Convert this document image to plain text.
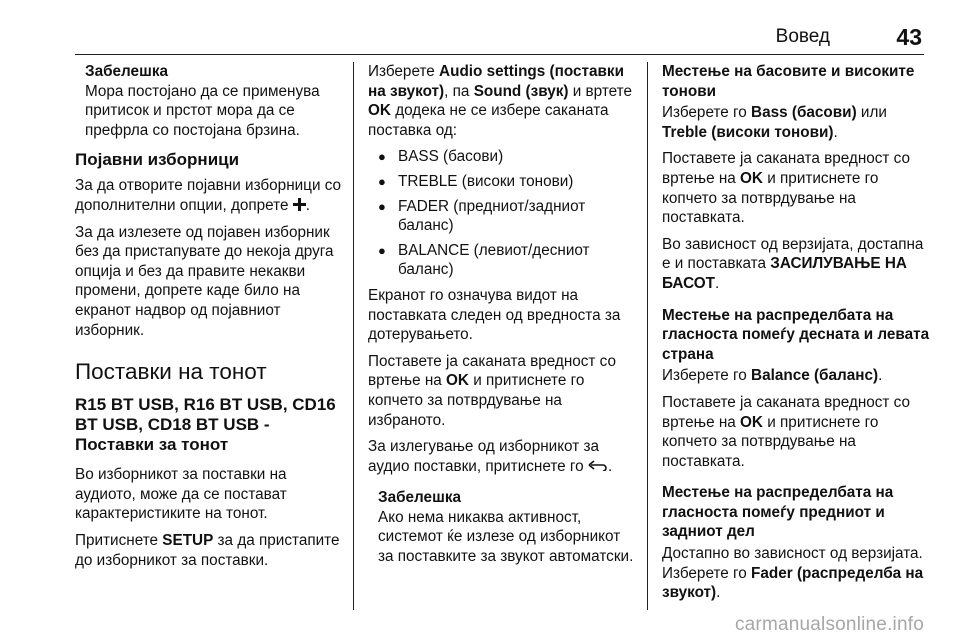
Вовед	43
Забелешка
Мора постојано да се применува притисок и прстот мора да се префрла со постојана брзина.
Појавни изборници

За да отворите појавни изборници со дополнителни опции, допрете .

За да излезете од појавен изборник без да пристапувате до некоја друга опција и без да правите некакви промени, допрете каде било на екранот надвор од појавниот изборник.

Поставки на тонот
R15 BT USB, R16 BT USB, CD16 BT USB, CD18 BT USB - Поставки за тонот

Во изборникот за поставки на аудиото, може да се постават карактеристиките на тонот.

Притиснете SETUP за да пристапите до изборникот за поставки.

Изберете Audio settings (поставки на звукот), па Sound (звук) и вртете OK додека не се избере саканата поставка од:

● BASS (басови)
● TREBLE (високи тонови)
● FADER (предниот/задниот баланс)
● BALANCE (левиот/десниот баланс)

Екранот го означува видот на поставката следен од вредноста за дотерувањето.

Поставете ја саканата вредност со вртење на OK и притиснете го копчето за потврдување на избраното.

За излегување од изборникот за аудио поставки, притиснете го .

Забелешка
Ако нема никаква активност, системот ќе излезе од изборникот за поставките за звукот автоматски.
Местење на басовите и високите тонови

Изберете го Bass (басови) или Treble (високи тонови).

Поставете ја саканата вредност со вртење на OK и притиснете го копчето за потврдување на поставката.

Во зависност од верзијата, достапна е и поставката ЗАСИЛУВАЊЕ НА БАСОТ.

Местење на распределбата на гласноста помеѓу десната и левата страна

Изберете го Balance (баланс).

Поставете ја саканата вредност со вртење на OK и притиснете го копчето за потврдување на поставката.

Местење на распределбата на гласноста помеѓу предниот и задниот дел

Достапно во зависност од верзијата. Изберете го Fader (распределба на звукот).

carmanualsonline.info
